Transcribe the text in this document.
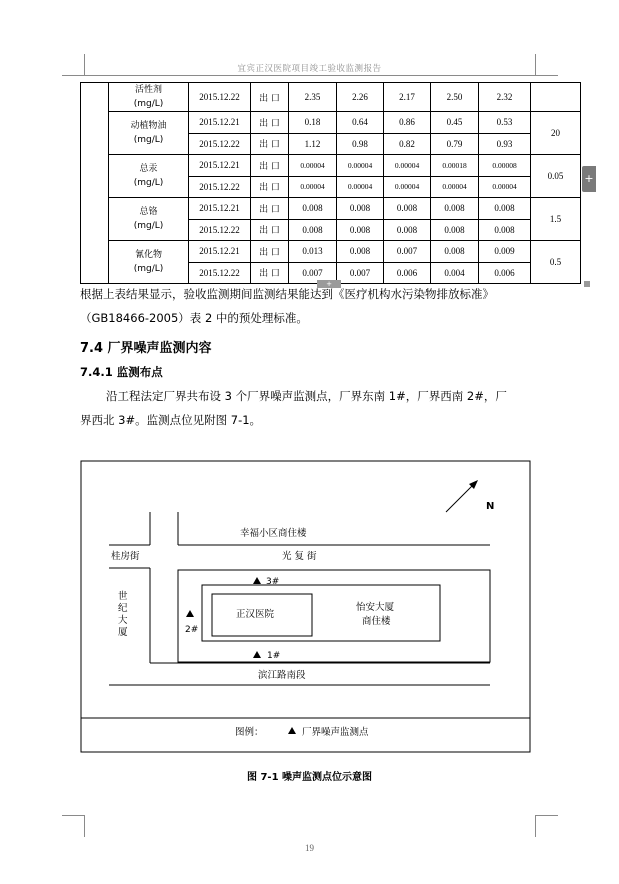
宜宾正汉医院项目竣工验收监测报告

	活性剂
(mg/L)	2015.12.22	出 口	2.35	2.26	2.17	2.50	2.32	

	动植物油
(mg/L)	2015.12.21	出 口	0.18	0.64	0.86	0.45	0.53	20
		2015.12.22	出 口	1.12	0.98	0.82	0.79	0.93	

	总汞
(mg/L)	2015.12.21	出 口	0.00004	0.00004	0.00004	0.00018	0.00008	0.05
		2015.12.22	出 口	0.00004	0.00004	0.00004	0.00004	0.00004	

	总铬
(mg/L)	2015.12.21	出 口	0.008	0.008	0.008	0.008	0.008	1.5
		2015.12.22	出 口	0.008	0.008	0.008	0.008	0.008	

	氰化物
(mg/L)	2015.12.21	出 口	0.013	0.008	0.007	0.008	0.009	0.5
		2015.12.22	出 口	0.007	0.007	0.006	0.004	0.006	
+
+
根据上表结果显示，验收监测期间监测结果能达到《医疗机构水污染物排放标准》
（GB18466-2005）表 2 中的预处理标准。
7.4 厂界噪声监测内容
7.4.1 监测布点
沿工程法定厂界共布设 3 个厂界噪声监测点，厂界东南 1#，厂界西南 2#，厂
界西北 3#。监测点位见附图 7-1。
N
幸福小区商住楼
光 复 街
桂房街
世
纪
大
厦
正汉医院
怡安大厦
商住楼
滨江路南段
3#
2#
1#
图例：	厂界噪声监测点
图 7-1 噪声监测点位示意图
19
